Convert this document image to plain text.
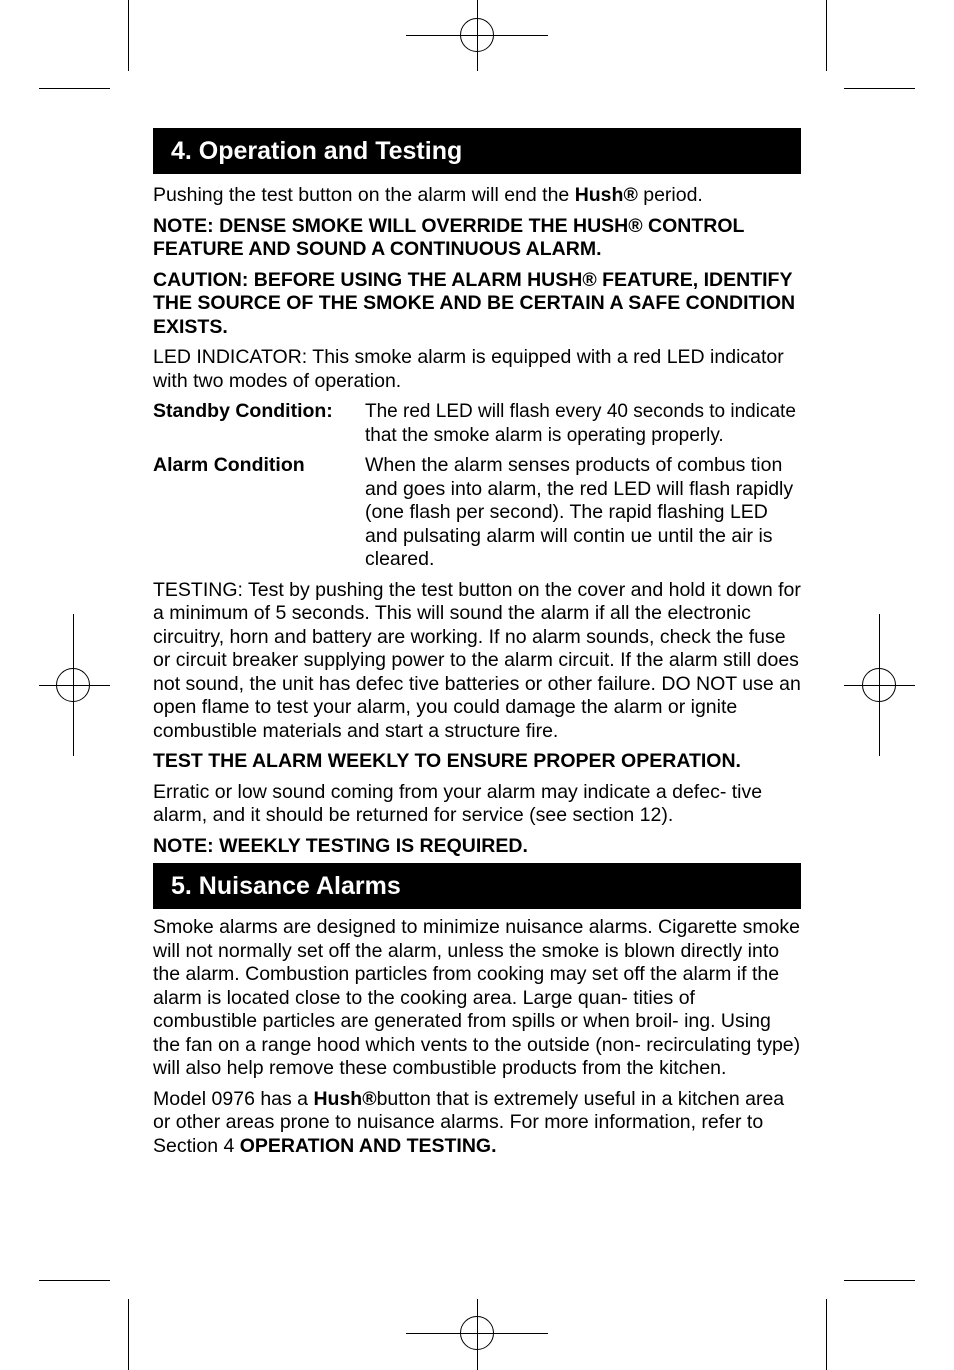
4. Operation and Testing

Pushing the test button on the alarm will end the Hush® period.

NOTE: DENSE SMOKE WILL OVERRIDE THE HUSH® CONTROL FEATURE AND SOUND A CONTINUOUS ALARM.

CAUTION: BEFORE USING THE ALARM HUSH® FEATURE, IDENTIFY THE SOURCE OF THE SMOKE AND BE CERTAIN A SAFE CONDITION EXISTS.

LED INDICATOR: This smoke alarm is equipped with a red LED indicator with two modes of operation.

Standby Condition:	The red LED will flash every 40 seconds to indicate that the smoke alarm is operating properly.
Alarm Condition	When the alarm senses products of combus tion and goes into alarm, the red LED will flash rapidly (one flash per second). The rapid flashing LED and pulsating alarm will contin ue until the air is cleared.

TESTING: Test by pushing the test button on the cover and hold it down for a minimum of 5 seconds. This will sound the alarm if all the electronic circuitry, horn and battery are working. If no alarm sounds, check the fuse or circuit breaker supplying power to the alarm circuit. If the alarm still does not sound, the unit has defec tive batteries or other failure. DO NOT use an open flame to test your alarm, you could damage the alarm or ignite combustible materials and start a structure fire.

TEST THE ALARM WEEKLY TO ENSURE PROPER OPERATION.

Erratic or low sound coming from your alarm may indicate a defec- tive alarm, and it should be returned for service (see section 12).

NOTE: WEEKLY TESTING IS REQUIRED.

5. Nuisance Alarms

Smoke alarms are designed to minimize nuisance alarms. Cigarette smoke will not normally set off the alarm, unless the smoke is blown directly into the alarm. Combustion particles from cooking may set off the alarm if the alarm is located close to the cooking area. Large quan- tities of combustible particles are generated from spills or when broil- ing. Using the fan on a range hood which vents to the outside (non- recirculating type) will also help remove these combustible products from the kitchen.

Model 0976 has a Hush®button that is extremely useful in a kitchen area or other areas prone to nuisance alarms. For more information, refer to Section 4 OPERATION AND TESTING.
